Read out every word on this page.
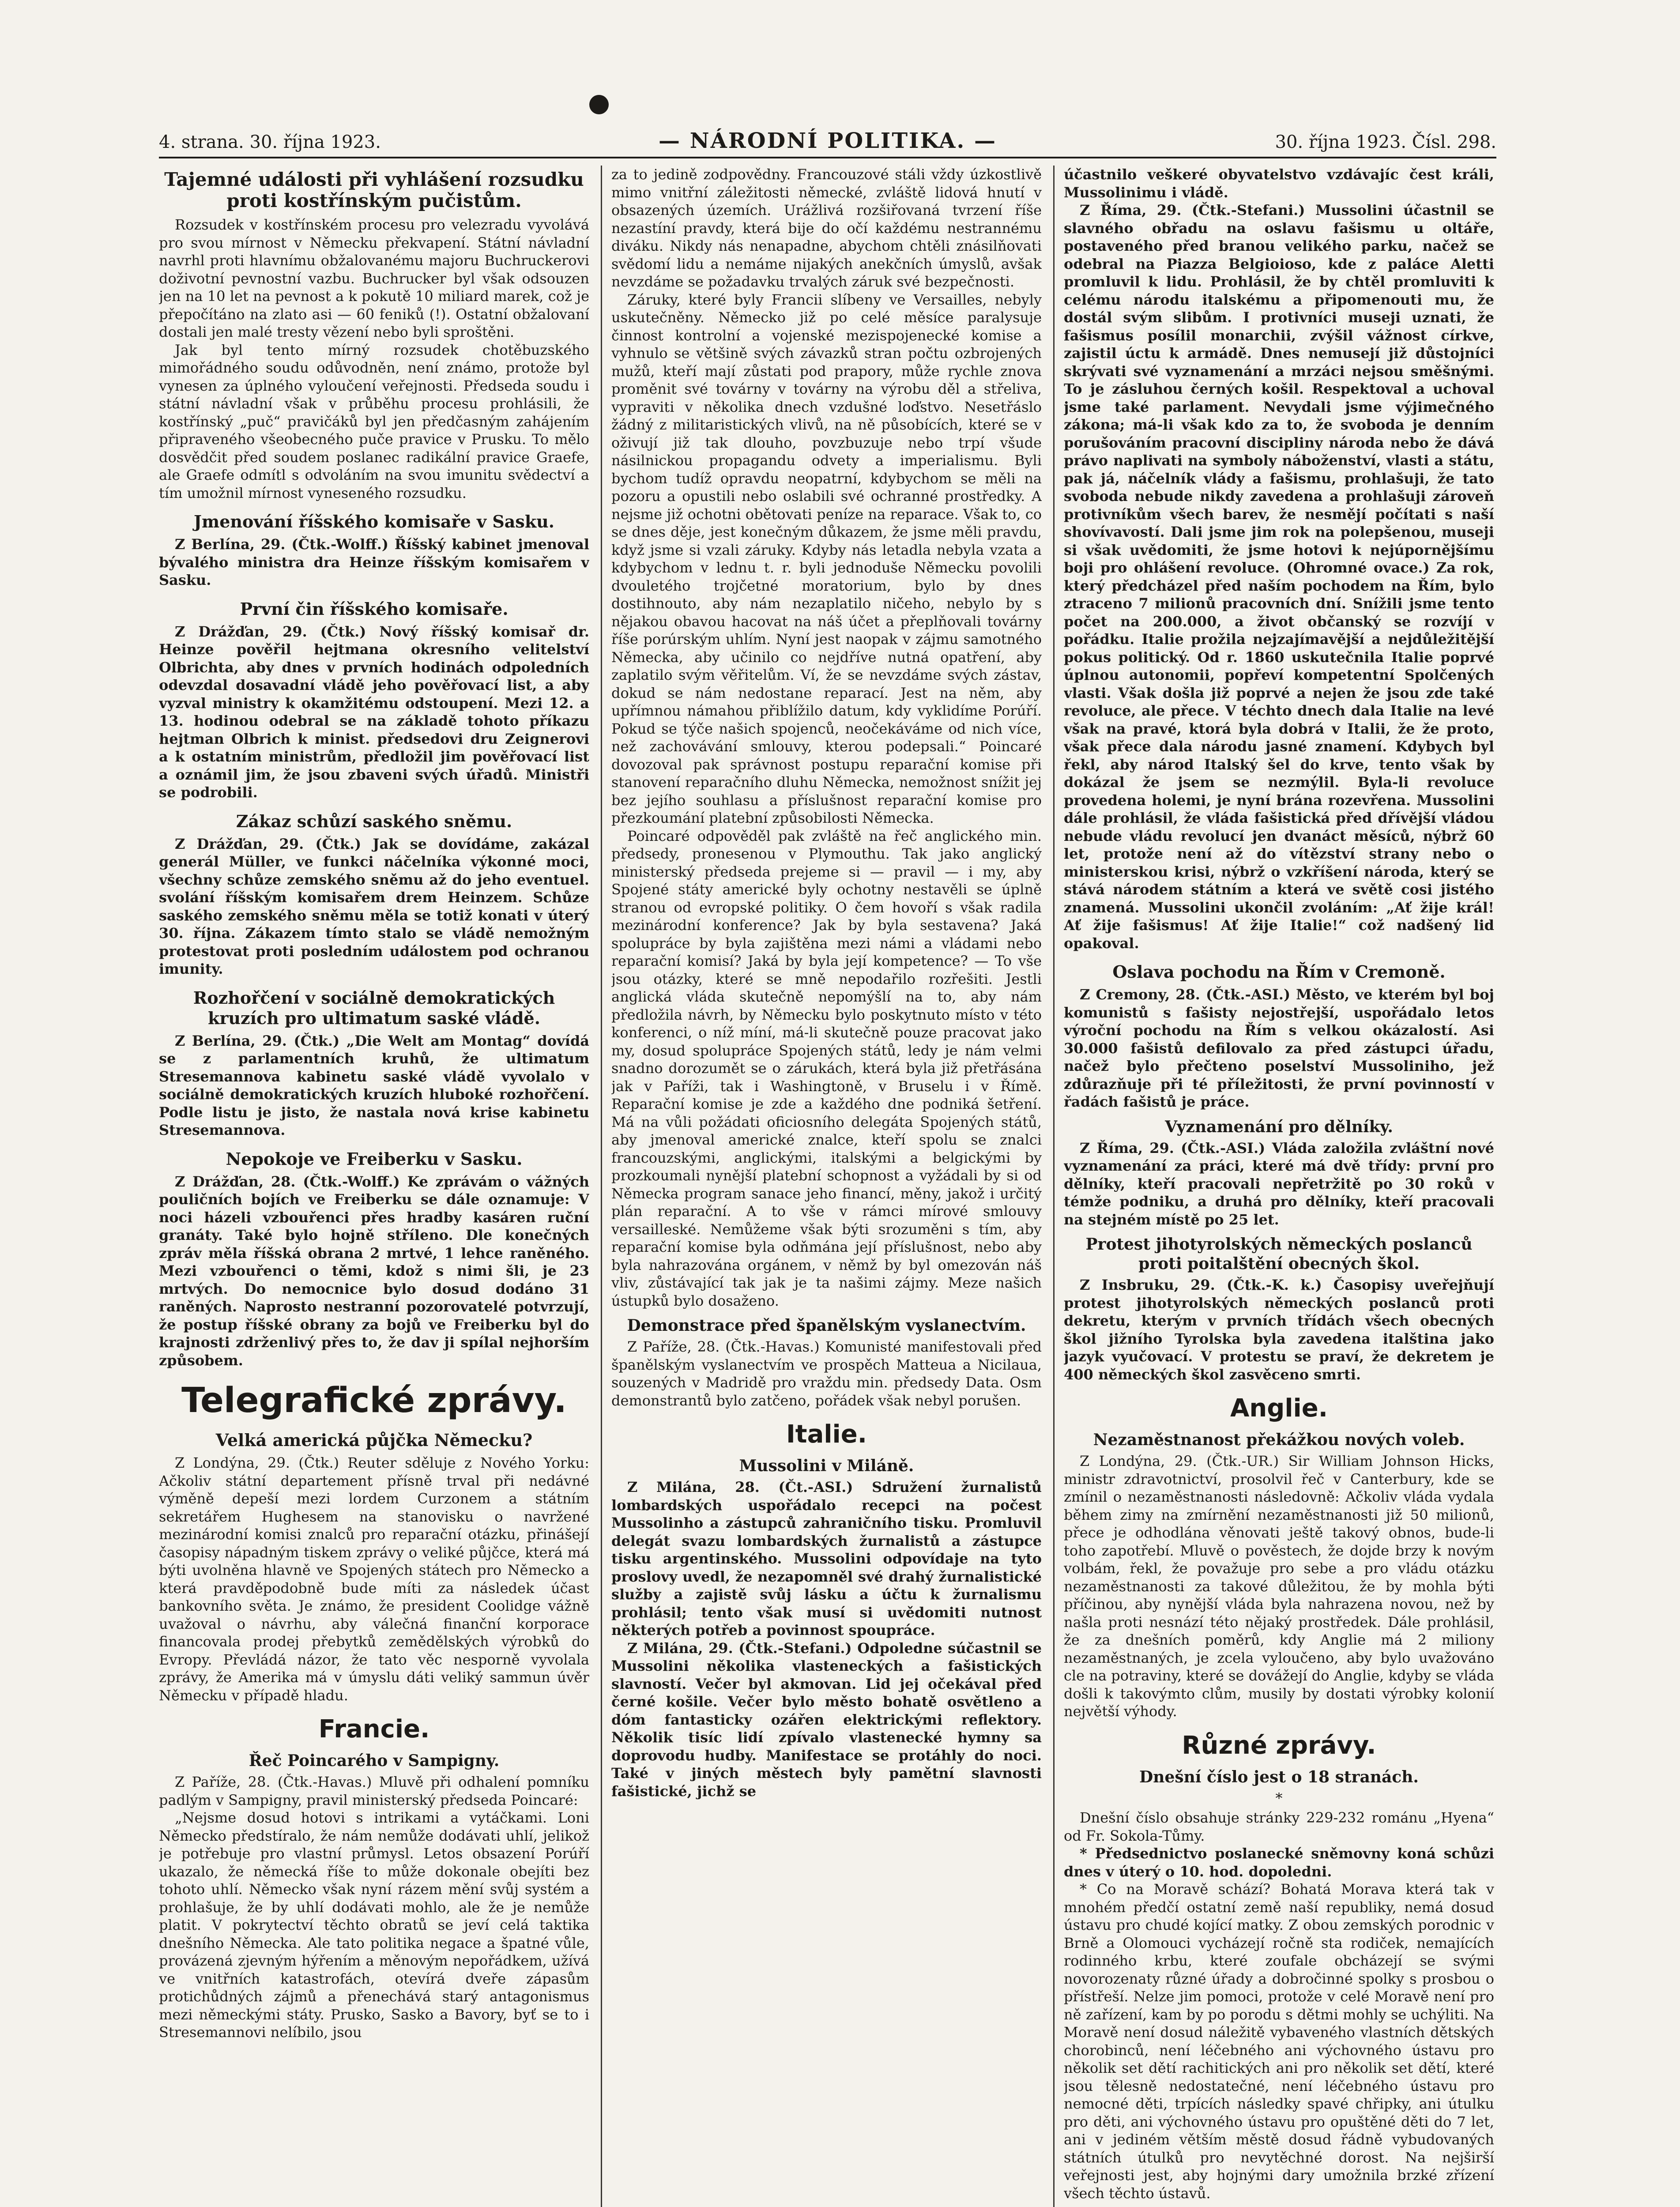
4. strana. 30. října 1923.	— NÁRODNÍ POLITIKA. —	30. října 1923. Čísl. 298.
Tajemné události při vyhlášení rozsudku proti kostřínským pučistům.

Rozsudek v kostřínském procesu pro velezradu vyvolává pro svou mírnost v Německu překvapení. Státní návladní navrhl proti hlavnímu obžalovanému majoru Buchruckerovi doživotní pevnostní vazbu. Buchrucker byl však odsouzen jen na 10 let na pevnost a k pokutě 10 miliard marek, což je přepočítáno na zlato asi — 60 feniků (!). Ostatní obžalovaní dostali jen malé tresty vězení nebo byli sproštěni.

Jak byl tento mírný rozsudek chotěbuzského mimořádného soudu odůvodněn, není známo, protože byl vynesen za úplného vyloučení veřejnosti. Předseda soudu i státní návladní však v průběhu procesu prohlásili, že kostřínský „puč“ pravičáků byl jen předčasným zahájením připraveného všeobecného puče pravice v Prusku. To mělo dosvědčit před soudem poslanec radikální pravice Graefe, ale Graefe odmítl s odvoláním na svou imunitu svědectví a tím umožnil mírnost vyneseného rozsudku.

Jmenování říšského komisaře v Sasku.

Z Berlína, 29. (Čtk.-Wolff.) Říšský kabinet jmenoval bývalého ministra dra Heinze říšským komisařem v Sasku.

První čin říšského komisaře.

Z Drážďan, 29. (Čtk.) Nový říšský komisař dr. Heinze pověřil hejtmana okresního velitelství Olbrichta, aby dnes v prvních hodinách odpoledních odevzdal dosavadní vládě jeho pověřovací list, a aby vyzval ministry k okamžitému odstoupení. Mezi 12. a 13. hodinou odebral se na základě tohoto příkazu hejtman Olbrich k minist. předsedovi dru Zeignerovi a k ostatním ministrům, předložil jim pověřovací list a oznámil jim, že jsou zbaveni svých úřadů. Ministři se podrobili.

Zákaz schůzí saského sněmu.

Z Drážďan, 29. (Čtk.) Jak se dovídáme, zakázal generál Müller, ve funkci náčelníka výkonné moci, všechny schůze zemského sněmu až do jeho eventuel. svolání říšským komisařem drem Heinzem. Schůze saského zemského sněmu měla se totiž konati v úterý 30. října. Zákazem tímto stalo se vládě nemožným protestovat proti posledním událostem pod ochranou imunity.

Rozhořčení v sociálně demokratických kruzích pro ultimatum saské vládě.

Z Berlína, 29. (Čtk.) „Die Welt am Montag“ dovídá se z parlamentních kruhů, že ultimatum Stresemannova kabinetu saské vládě vyvolalo v sociálně demokratických kruzích hluboké rozhořčení. Podle listu je jisto, že nastala nová krise kabinetu Stresemannova.

Nepokoje ve Freiberku v Sasku.

Z Drážďan, 28. (Čtk.-Wolff.) Ke zprávám o vážných pouličních bojích ve Freiberku se dále oznamuje: V noci házeli vzbouřenci přes hradby kasáren ruční granáty. Také bylo hojně stříleno. Dle konečných zpráv měla říšská obrana 2 mrtvé, 1 lehce raněného. Mezi vzbouřenci o těmi, kdož s nimi šli, je 23 mrtvých. Do nemocnice bylo dosud dodáno 31 raněných. Naprosto nestranní pozorovatelé potvrzují, že postup říšské obrany za bojů ve Freiberku byl do krajnosti zdrženlivý přes to, že dav ji spílal nejhorším způsobem.

Telegrafické zprávy.
Velká americká půjčka Německu?

Z Londýna, 29. (Čtk.) Reuter sděluje z Nového Yorku: Ačkoliv státní departement přísně trval při nedávné výměně depeší mezi lordem Curzonem a státním sekretářem Hughesem na stanovisku o navržené mezinárodní komisi znalců pro reparační otázku, přinášejí časopisy nápadným tiskem zprávy o veliké půjčce, která má býti uvolněna hlavně ve Spojených státech pro Německo a která pravděpodobně bude míti za následek účast bankovního světa. Je známo, že president Coolidge vážně uvažoval o návrhu, aby válečná finanční korporace financovala prodej přebytků zemědělských výrobků do Evropy. Převládá názor, že tato věc nesporně vyvolala zprávy, že Amerika má v úmyslu dáti veliký sammun úvěr Německu v případě hladu.

Francie.
Řeč Poincarého v Sampigny.

Z Paříže, 28. (Čtk.-Havas.) Mluvě při odhalení pomníku padlým v Sampigny, pravil ministerský předseda Poincaré:

„Nejsme dosud hotovi s intrikami a vytáčkami. Loni Německo předstíralo, že nám nemůže dodávati uhlí, jelikož je potřebuje pro vlastní průmysl. Letos obsazení Porúří ukazalo, že německá říše to může dokonale obejíti bez tohoto uhlí. Německo však nyní rázem mění svůj systém a prohlašuje, že by uhlí dodávati mohlo, ale že je nemůže platit. V pokrytectví těchto obratů se jeví celá taktika dnešního Německa. Ale tato politika negace a špatné vůle, provázená zjevným hýřením a měnovým nepořádkem, užívá ve vnitřních katastrofách, otevírá dveře zápasům protichůdných zájmů a přenechává starý antagonismus mezi německými státy. Prusko, Sasko a Bavory, byť se to i Stresemannovi nelíbilo, jsou

za to jedině zodpovědny. Francouzové stáli vždy úzkostlivě mimo vnitřní záležitosti německé, zvláště lidová hnutí v obsazených územích. Urážlivá rozšiřovaná tvrzení říše nezastíní pravdy, která bije do očí každému nestrannému diváku. Nikdy nás nenapadne, abychom chtěli znásilňovati svědomí lidu a nemáme nijakých anekčních úmyslů, avšak nevzdáme se požadavku trvalých záruk své bezpečnosti.

Záruky, které byly Francii slíbeny ve Versailles, nebyly uskutečněny. Německo již po celé měsíce paralysuje činnost kontrolní a vojenské mezispojenecké komise a vyhnulo se většině svých závazků stran počtu ozbrojených mužů, kteří mají zůstati pod prapory, může rychle znova proměnit své továrny v továrny na výrobu děl a střeliva, vypraviti v několika dnech vzdušné loďstvo. Nesetřáslo žádný z militaristických vlivů, na ně působících, které se v oživují již tak dlouho, povzbuzuje nebo trpí všude násilnickou propagandu odvety a imperialismu. Byli bychom tudíž opravdu neopatrní, kdybychom se měli na pozoru a opustili nebo oslabili své ochranné prostředky. A nejsme již ochotni obětovati peníze na reparace. Však to, co se dnes děje, jest konečným důkazem, že jsme měli pravdu, když jsme si vzali záruky. Kdyby nás letadla nebyla vzata a kdybychom v lednu t. r. byli jednoduše Německu povolili dvouletého trojčetné moratorium, bylo by dnes dostihnouto, aby nám nezaplatilo ničeho, nebylo by s nějakou obavou hacovat na náš účet a přeplňovali továrny říše porúrským uhlím. Nyní jest naopak v zájmu samotného Německa, aby učinilo co nejdříve nutná opatření, aby zaplatilo svým věřitelům. Ví, že se nevzdáme svých zástav, dokud se nám nedostane reparací. Jest na něm, aby upřímnou námahou přiblížilo datum, kdy vyklidíme Porúří. Pokud se týče našich spojenců, neočekáváme od nich více, než zachovávání smlouvy, kterou podepsali.“ Poincaré dovozoval pak správnost postupu reparační komise při stanovení reparačního dluhu Německa, nemožnost snížit jej bez jejího souhlasu a příslušnost reparační komise pro přezkoumání platební způsobilosti Německa.

Poincaré odpověděl pak zvláště na řeč anglického min. předsedy, pronesenou v Plymouthu. Tak jako anglický ministerský předseda prejeme si — pravil — i my, aby Spojené státy americké byly ochotny nestavěli se úplně stranou od evropské politiky. O čem hovoří s však radila mezinárodní konference? Jak by byla sestavena? Jaká spolupráce by byla zajištěna mezi námi a vládami nebo reparační komisí? Jaká by byla její kompetence? — To vše jsou otázky, které se mně nepodařilo rozřešiti. Jestli anglická vláda skutečně nepomýšlí na to, aby nám předložila návrh, by Německu bylo poskytnuto místo v této konferenci, o níž míní, má-li skutečně pouze pracovat jako my, dosud spolupráce Spojených států, ledy je nám velmi snadno dorozumět se o zárukách, která byla již přetřásána jak v Paříži, tak i Washingtoně, v Bruselu i v Římě. Reparační komise je zde a každého dne podniká šetření. Má na vůli požádati oficiosního delegáta Spojených států, aby jmenoval americké znalce, kteří spolu se znalci francouzskými, anglickými, italskými a belgickými by prozkoumali nynější platební schopnost a vyžádali by si od Německa program sanace jeho financí, měny, jakož i určitý plán reparační. A to vše v rámci mírové smlouvy versailleské. Nemůžeme však býti srozuměni s tím, aby reparační komise byla odňmána její příslušnost, nebo aby byla nahrazována orgánem, v němž by byl omezován náš vliv, zůstávající tak jak je ta našimi zájmy. Meze našich ústupků bylo dosaženo.

Demonstrace před španělským vyslanectvím.

Z Paříže, 28. (Čtk.-Havas.) Komunisté manifestovali před španělským vyslanectvím ve prospěch Matteua a Nicilaua, souzených v Madridě pro vraždu min. předsedy Data. Osm demonstrantů bylo zatčeno, pořádek však nebyl porušen.

Italie.
Mussolini v Miláně.

Z Milána, 28. (Čt.-ASI.) Sdružení žurnalistů lombardských uspořádalo recepci na počest Mussolinho a zástupců zahraničního tisku. Promluvil delegát svazu lombardských žurnalistů a zástupce tisku argentinského. Mussolini odpovídaje na tyto proslovy uvedl, že nezapomněl své drahý žurnalistické služby a zajistě svůj lásku a účtu k žurnalismu prohlásil; tento však musí si uvědomiti nutnost některých potřeb a povinnost spoupráce.

Z Milána, 29. (Čtk.-Stefani.) Odpoledne súčastnil se Mussolini několika vlasteneckých a fašistických slavností. Večer byl akmovan. Lid jej očekával před černé košile. Večer bylo město bohatě osvětleno a dóm fantasticky ozářen elektrickými reflektory. Několik tisíc lidí zpívalo vlastenecké hymny sa doprovodu hudby. Manifestace se protáhly do noci. Také v jiných městech byly pamětní slavnosti fašistické, jichž se

účastnilo veškeré obyvatelstvo vzdávajíc čest králi, Mussolinimu i vládě.

Z Říma, 29. (Čtk.-Stefani.) Mussolini účastnil se slavného obřadu na oslavu fašismu u oltáře, postaveného před branou velikého parku, načež se odebral na Piazza Belgioioso, kde z paláce Aletti promluvil k lidu. Prohlásil, že by chtěl promluviti k celému národu italskému a připomenouti mu, že dostál svým slibům. I protivníci museji uznati, že fašismus posílil monarchii, zvýšil vážnost církve, zajistil úctu k armádě. Dnes nemusejí již důstojníci skrývati své vyznamenání a mrzáci nejsou směšnými. To je zásluhou černých košil. Respektoval a uchoval jsme také parlament. Nevydali jsme výjimečného zákona; má-li však kdo za to, že svoboda je denním porušováním pracovní discipliny národa nebo že dává právo naplivati na symboly náboženství, vlasti a státu, pak já, náčelník vlády a fašismu, prohlašuji, že tato svoboda nebude nikdy zavedena a prohlašuji zároveň protivníkům všech barev, že nesmějí počítati s naší shovívavostí. Dali jsme jim rok na polepšenou, museji si však uvědomiti, že jsme hotovi k nejúpornějšímu boji pro ohlášení revoluce. (Ohromné ovace.) Za rok, který předcházel před naším pochodem na Řím, bylo ztraceno 7 milionů pracovních dní. Snížili jsme tento počet na 200.000, a život občanský se rozvíjí v pořádku. Italie prožila nejzajímavější a nejdůležitější pokus politický. Od r. 1860 uskutečnila Italie poprvé úplnou autonomii, popřeví kompetentní Spolčených vlasti. Však došla již poprvé a nejen že jsou zde také revoluce, ale přece. V téchto dnech dala Italie na levé však na pravé, ktorá byla dobrá v Italii, že že proto, však přece dala národu jasné znamení. Kdybych byl řekl, aby národ Italský šel do krve, tento však by dokázal že jsem se nezmýlil. Byla-li revoluce provedena holemi, je nyní brána rozevřena. Mussolini dále prohlásil, že vláda fašistická před dřívější vládou nebude vládu revolucí jen dvanáct měsíců, nýbrž 60 let, protože není až do vítězství strany nebo o ministerskou krisi, nýbrž o vzkříšení národa, který se stává národem státním a která ve světě cosi jistého znamená. Mussolini ukončil zvoláním: „Ať žije král! Ať žije fašismus! Ať žije Italie!“ což nadšený lid opakoval.

Oslava pochodu na Řím v Cremoně.

Z Cremony, 28. (Čtk.-ASI.) Město, ve kterém byl boj komunistů s fašisty nejostřejší, uspořádalo letos výroční pochodu na Řím s velkou okázalostí. Asi 30.000 fašistů defilovalo za před zástupci úřadu, načež bylo přečteno poselství Mussoliniho, jež zdůrazňuje při té příležitosti, že první povinností v řadách fašistů je práce.

Vyznamenání pro dělníky.

Z Říma, 29. (Čtk.-ASI.) Vláda založila zvláštní nové vyznamenání za práci, které má dvě třídy: první pro dělníky, kteří pracovali nepřetržitě po 30 roků v témže podniku, a druhá pro dělníky, kteří pracovali na stejném místě po 25 let.

Protest jihotyrolských německých poslanců proti poitalštění obecných škol.

Z Insbruku, 29. (Čtk.-K. k.) Časopisy uveřejňují protest jihotyrolských německých poslanců proti dekretu, kterým v prvních třídách všech obecných škol jižního Tyrolska byla zavedena italština jako jazyk vyučovací. V protestu se praví, že dekretem je 400 německých škol zasvěceno smrti.

Anglie.
Nezaměstnanost překážkou nových voleb.

Z Londýna, 29. (Čtk.-UR.) Sir William Johnson Hicks, ministr zdravotnictví, prosolvil řeč v Canterbury, kde se zmínil o nezaměstnanosti následovně: Ačkoliv vláda vydala během zimy na zmírnění nezaměstnanosti již 50 milionů, přece je odhodlána věnovati ještě takový obnos, bude-li toho zapotřebí. Mluvě o pověstech, že dojde brzy k novým volbám, řekl, že považuje pro sebe a pro vládu otázku nezaměstnanosti za takové důležitou, že by mohla býti příčinou, aby nynější vláda byla nahrazena novou, než by našla proti nesnází této nějaký prostředek. Dále prohlásil, že za dnešních poměrů, kdy Anglie má 2 miliony nezaměstnaných, je zcela vyloučeno, aby bylo uvažováno cle na potraviny, které se dovážejí do Anglie, kdyby se vláda došli k takovýmto clům, musily by dostati výrobky kolonií největší výhody.

Různé zprávy.
Dnešní číslo jest o 18 stranách.
*

Dnešní číslo obsahuje stránky 229-232 románu „Hyena“ od Fr. Sokola-Tůmy.

* Předsednictvo poslanecké sněmovny koná schůzi dnes v úterý o 10. hod. dopoledni.

* Co na Moravě schází? Bohatá Morava která tak v mnohém předčí ostatní země naší republiky, nemá dosud ústavu pro chudé kojící matky. Z obou zemských porodnic v Brně a Olomouci vycházejí ročně sta rodiček, nemajících rodinného krbu, které zoufale obcházejí se svými novorozenaty různé úřady a dobročinné spolky s prosbou o přístřeší. Nelze jim pomoci, protože v celé Moravě není pro ně zařízení, kam by po porodu s dětmi mohly se uchýliti. Na Moravě není dosud náležitě vybaveného vlastních dětských chorobinců, není léčebného ani výchovného ústavu pro několik set dětí rachitických ani pro několik set dětí, které jsou tělesně nedostatečné, není léčebného ústavu pro nemocné děti, trpících následky spavé chřipky, ani útulku pro děti, ani výchovného ústavu pro opuštěné děti do 7 let, ani v jediném větším městě dosud řádně vybudovaných státních útulků pro nevytěchné dorost. Na nejširší veřejnosti jest, aby hojnými dary umožnila brzké zřízení všech těchto ústavů.
